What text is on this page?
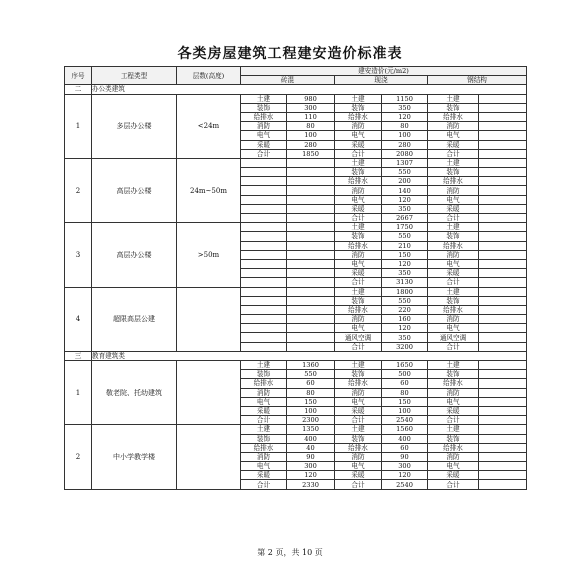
各类房屋建筑工程建安造价标准表
序号	工程类型	层数(高度)	建安造价(元/m2)					
			砖混		现浇		钢结构	
二	办公类建筑							
1	多层办公楼	<24m	土建	980	土建	1150	土建	
			装饰	300	装饰	350	装饰	
			给排水	110	给排水	120	给排水	
			消防	80	消防	80	消防	
			电气	100	电气	100	电气	
			采暖	280	采暖	280	采暖	
			合计	1850	合计	2080	合计	
2	高层办公楼	24m~50m			土建	1307	土建	
					装饰	550	装饰	
					给排水	200	给排水	
					消防	140	消防	
					电气	120	电气	
					采暖	350	采暖	
					合计	2667	合计	
3	高层办公楼	>50m			土建	1750	土建	
					装饰	550	装饰	
					给排水	210	给排水	
					消防	150	消防	
					电气	120	电气	
					采暖	350	采暖	
					合计	3130	合计	
4	超限高层公建				土建	1800	土建	
					装饰	550	装饰	
					给排水	220	给排水	
					消防	160	消防	
					电气	120	电气	
					通风空调	350	通风空调	
					合计	3200	合计	
三	教育建筑类							
1	敬老院、托幼建筑		土建	1360	土建	1650	土建	
			装饰	550	装饰	500	装饰	
			给排水	60	给排水	60	给排水	
			消防	80	消防	80	消防	
			电气	150	电气	150	电气	
			采暖	100	采暖	100	采暖	
			合计	2300	合计	2540	合计	
2	中小学教学楼		土建	1350	土建	1560	土建	
			装饰	400	装饰	400	装饰	
			给排水	40	给排水	60	给排水	
			消防	90	消防	90	消防	
			电气	300	电气	300	电气	
			采暖	120	采暖	120	采暖	
			合计	2330	合计	2540	合计	
第 2 页，共 10 页
